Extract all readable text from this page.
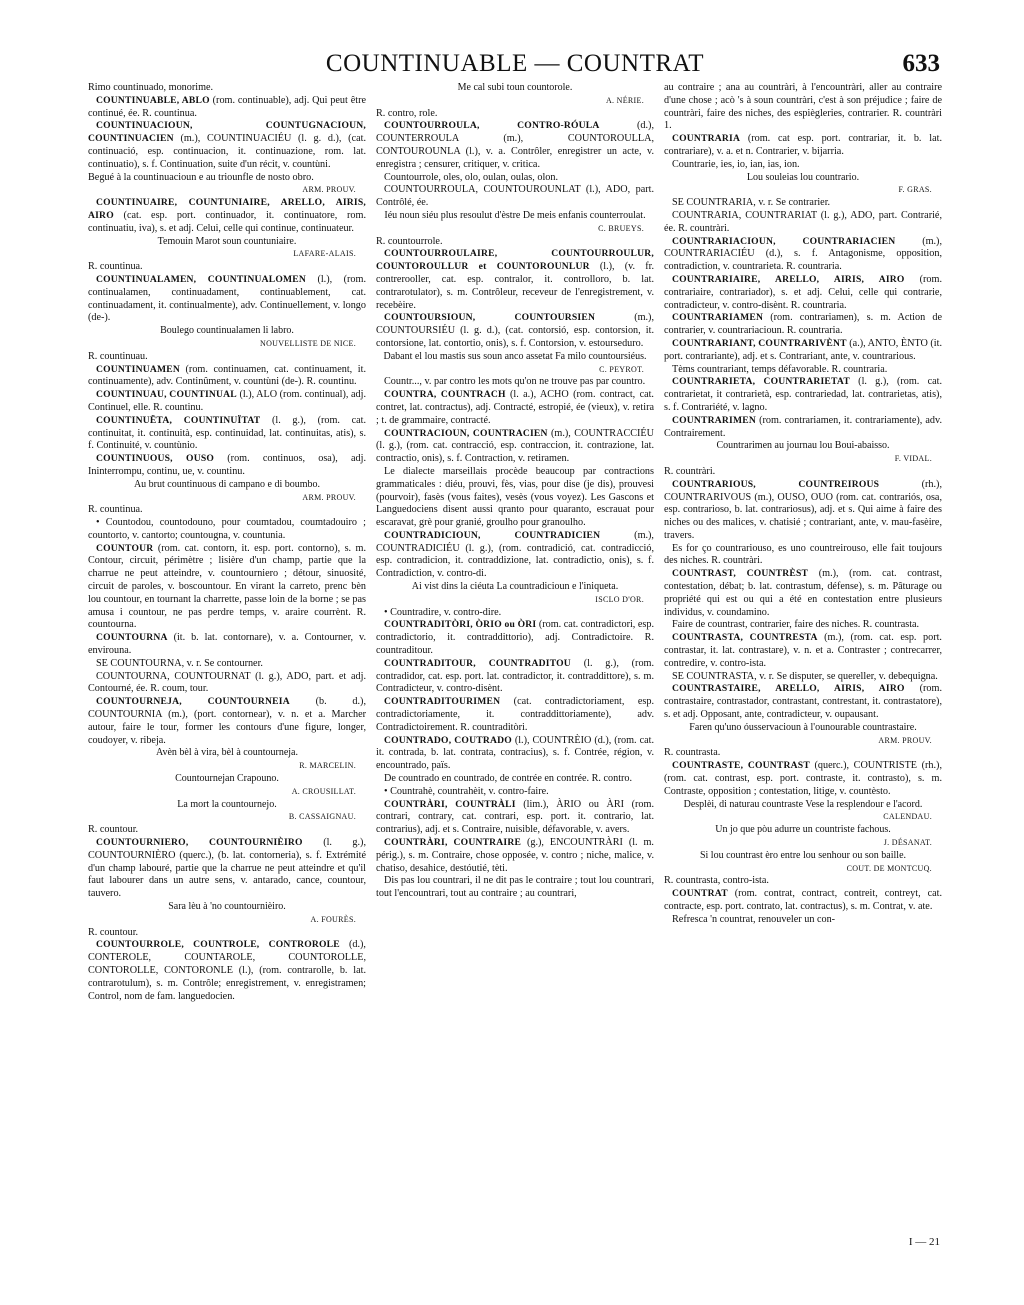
COUNTINUABLE — COUNTRAT	633

Rimo countinuado, monorime.

COUNTINUABLE, ABLO (rom. continuable), adj. Qui peut être continué, ée. R. countinua.

COUNTINUACIOUN, COUNTUGNACIOUN, COUNTINUACIEN (m.), COUNTINUACIÉU (l. g. d.), (cat. continuació, esp. continuacion, it. continuazione, rom. lat. continuatio), s. f. Continuation, suite d'un récit, v. countùni.

Begué à la countinuacioun e au triounfle de nosto obro.

ARM. PROUV.

COUNTINUAIRE, COUNTUNIAIRE, ARELLO, AIRIS, AIRO (cat. esp. port. continuador, it. continuatore, rom. continuatiu, iva), s. et adj. Celui, celle qui continue, continuateur.

Temouin Marot soun countuniaire.

LAFARE-ALAIS.

R. countinua.

COUNTINUALAMEN, COUNTINUALOMEN (l.), (rom. continualamen, continuadament, continuablement, cat. continuadament, it. continualmente), adv. Continuellement, v. longo (de-).

Boulego countinualamen li labro.

NOUVELLISTE DE NICE.

R. countinuau.

COUNTINUAMEN (rom. continuamen, cat. continuament, it. continuamente), adv. Continûment, v. countùni (de-). R. countinu.

COUNTINUAU, COUNTINUAL (l.), ALO (rom. continual), adj. Continuel, elle. R. countinu.

COUNTINUËTA, COUNTINUÏTAT (l. g.), (rom. cat. continuitat, it. continuità, esp. continuidad, lat. continuitas, atis), s. f. Continuité, v. countùnio.

COUNTINUOUS, OUSO (rom. continuos, osa), adj. Ininterrompu, continu, ue, v. countinu.

Au brut countinuous di campano e di boumbo.

ARM. PROUV.

R. countinua.

• Countodou, countodouno, pour coumtadou, coumtadouiro ; countorto, v. cantorto; countougna, v. countunia.

COUNTOUR (rom. cat. contorn, it. esp. port. contorno), s. m. Contour, circuit, périmètre ; lisière d'un champ, partie que la charrue ne peut atteindre, v. countourniero ; détour, sinuosité, circuit de paroles, v. boscountour. En virant la carreto, prenc bèn lou countour, en tournant la charrette, passe loin de la borne ; se pas amusa i countour, ne pas perdre temps, v. araire courrènt. R. countourna.

COUNTOURNA (it. b. lat. contornare), v. a. Contourner, v. envirouna.

SE COUNTOURNA, v. r. Se contourner.

COUNTOURNA, COUNTOURNAT (l. g.), ADO, part. et adj. Contourné, ée. R. coum, tour.

COUNTOURNEJA, COUNTOURNEIA (b. d.), COUNTOURNIA (m.), (port. contornear), v. n. et a. Marcher autour, faire le tour, former les contours d'une figure, longer, coudoyer, v. ribeja.

Avèn bèl à vira, bèl à countourneja.

R. MARCELIN.

Countournejan Crapouno.

A. CROUSILLAT.

La mort la countournejo.

B. CASSAIGNAU.

R. countour.

COUNTOURNIERO, COUNTOURNIÈIRO (l. g.), COUNTOURNIÈRO (querc.), (b. lat. contorneria), s. f. Extrémité d'un champ labouré, partie que la charrue ne peut atteindre et qu'il faut labourer dans un autre sens, v. antarado, cance, countour, tauvero.

Sara lèu à 'no countournièiro.

A. FOURÈS.

R. countour.

COUNTOURROLE, COUNTROLE, CONTROROLE (d.), CONTEROLE, COUNTAROLE, COUNTOROLLE, CONTOROLLE, CONTORONLE (l.), (rom. contrarolle, b. lat. contrarotulum), s. m. Contrôle; enregistrement, v. enregistramen; Control, nom de fam. languedocien.

Me cal subi toun countorole.

A. NÉRIE.

R. contro, role.

COUNTOURROULA, CONTRO-RÓULA (d.), COUNTERROULA (m.), COUNTOROULLA, CONTOUROUNLA (l.), v. a. Contrôler, enregistrer un acte, v. enregistra ; censurer, critiquer, v. critica.

Countourrole, oles, olo, oulan, oulas, olon.

COUNTOURROULA, COUNTOUROUNLAT (l.), ADO, part. Contrôlé, ée.

Iéu noun siéu plus resoulut d'èstre De meis enfanis counterroulat.

C. BRUEYS.

R. countourrole.

COUNTOURROULAIRE, COUNTOURROULUR, COUNTOROULLUR et COUNTOROUNLUR (l.), (v. fr. contrerooller, cat. esp. contralor, it. controlloro, b. lat. contrarotulator), s. m. Contrôleur, receveur de l'enregistrement, v. recebèire.

COUNTOURSIOUN, COUNTOURSIEN (m.), COUNTOURSIÉU (l. g. d.), (cat. contorsió, esp. contorsion, it. contorsione, lat. contortio, onis), s. f. Contorsion, v. estourseduro.

Dabant el lou mastis sus soun anco assetat Fa milo countoursiéus.

C. PEYROT.

Countr..., v. par contro les mots qu'on ne trouve pas par countro.

COUNTRA, COUNTRACH (l. a.), ACHO (rom. contract, cat. contret, lat. contractus), adj. Contracté, estropié, ée (vieux), v. retira ; t. de grammaire, contracté.

COUNTRACIOUN, COUNTRACIEN (m.), COUNTRACCIÉU (l. g.), (rom. cat. contracció, esp. contraccion, it. contrazione, lat. contractio, onis), s. f. Contraction, v. retiramen.

Le dialecte marseillais procède beaucoup par contractions grammaticales : diéu, prouvi, fès, vias, pour dise (je dis), prouvesi (pourvoir), fasès (vous faites), vesès (vous voyez). Les Gascons et Languedociens disent aussi qranto pour quaranto, escrauat pour escaravat, grè pour granié, groulho pour granoulho.

COUNTRADICIOUN, COUNTRADICIEN (m.), COUNTRADICIÉU (l. g.), (rom. contradició, cat. contradicció, esp. contradicion, it. contraddizione, lat. contradictio, onis), s. f. Contradiction, v. contro-di.

Ai vist dins la ciéuta La countradicioun e l'iniqueta.

ISCLO D'OR.

• Countradire, v. contro-dire.

COUNTRADITÒRI, ÒRIO ou ÒRI (rom. cat. contradictori, esp. contradictorio, it. contraddittorio), adj. Contradictoire. R. countraditour.

COUNTRADITOUR, COUNTRADITOU (l. g.), (rom. contradidor, cat. esp. port. lat. contradictor, it. contraddittore), s. m. Contradicteur, v. contro-disènt.

COUNTRADITOURIMEN (cat. contradictoriament, esp. contradictoriamente, it. contraddittoriamente), adv. Contradictoirement. R. countraditòri.

COUNTRADO, COUTRADO (l.), COUNTRÈIO (d.), (rom. cat. it. contrada, b. lat. contrata, contracius), s. f. Contrée, région, v. encountrado, païs.

De countrado en countrado, de contrée en contrée. R. contro.

• Countrahè, countrahèit, v. contro-faire.

COUNTRÀRI, COUNTRÀLI (lim.), ÀRIO ou ÀRI (rom. contrari, contrary, cat. contrari, esp. port. it. contrario, lat. contrarius), adj. et s. Contraire, nuisible, défavorable, v. avers.

COUNTRÀRI, COUNTRAIRE (g.), ENCOUNTRÀRI (l. m. périg.), s. m. Contraire, chose opposée, v. contro ; niche, malice, v. chatiso, desahice, destóutié, tèti.

Dis pas lou countrari, il ne dit pas le contraire ; tout lou countrari, tout l'encountrari, tout au contraire ; au countrari,

au contraire ; ana au countràri, à l'encountràri, aller au contraire d'une chose ; acò 's à soun countràri, c'est à son préjudice ; faire de countràri, faire des niches, des espiègleries, contrarier. R. countràri 1.

COUNTRARIA (rom. cat esp. port. contrariar, it. b. lat. contrariare), v. a. et n. Contrarier, v. bijarria.

Countrarie, ies, io, ian, ias, ion.

Lou souleias lou countrario.

F. GRAS.

SE COUNTRARIA, v. r. Se contrarier.

COUNTRARIA, COUNTRARIAT (l. g.), ADO, part. Contrarié, ée. R. countràri.

COUNTRARIACIOUN, COUNTRARIACIEN (m.), COUNTRARIACIÉU (d.), s. f. Antagonisme, opposition, contradiction, v. countrarieta. R. countraria.

COUNTRARIAIRE, ARELLO, AIRIS, AIRO (rom. contrariaire, contrariador), s. et adj. Celui, celle qui contrarie, contradicteur, v. contro-disènt. R. countraria.

COUNTRARIAMEN (rom. contrariamen), s. m. Action de contrarier, v. countrariacioun. R. countraria.

COUNTRARIANT, COUNTRARIVÈNT (a.), ANTO, ÈNTO (it. port. contrariante), adj. et s. Contrariant, ante, v. countrarious.

Tèms countrariant, temps défavorable. R. countraria.

COUNTRARIETA, COUNTRARIETAT (l. g.), (rom. cat. contrarietat, it contrarietà, esp. contrariedad, lat. contrarietas, atis), s. f. Contrariété, v. lagno.

COUNTRARIMEN (rom. contrariamen, it. contrariamente), adv. Contrairement.

Countrarimen au journau lou Boui-abaisso.

F. VIDAL.

R. countràri.

COUNTRARIOUS, COUNTREIROUS (rh.), COUNTRARIVOUS (m.), OUSO, OUO (rom. cat. contrariós, osa, esp. contrarioso, b. lat. contrariosus), adj. et s. Qui aime à faire des niches ou des malices, v. chatisié ; contrariant, ante, v. mau-fasèire, travers.

Es for ço countrariouso, es uno countreirouso, elle fait toujours des niches. R. countràri.

COUNTRAST, COUNTRÈST (m.), (rom. cat. contrast, contestation, débat; b. lat. contrastum, défense), s. m. Pâturage ou propriété qui est ou qui a été en contestation entre plusieurs individus, v. coundamino.

Faire de countrast, contrarier, faire des niches. R. countrasta.

COUNTRASTA, COUNTRESTA (m.), (rom. cat. esp. port. contrastar, it. lat. contrastare), v. n. et a. Contraster ; contrecarrer, contredire, v. contro-ista.

SE COUNTRASTA, v. r. Se disputer, se quereller, v. debequigna.

COUNTRASTAIRE, ARELLO, AIRIS, AIRO (rom. contrastaire, contrastador, contrastant, contrestant, it. contrastatore), s. et adj. Opposant, ante, contradicteur, v. oupausant.

Faren qu'uno óusservacioun à l'ounourable countrastaire.

ARM. PROUV.

R. countrasta.

COUNTRASTE, COUNTRAST (querc.), COUNTRISTE (rh.), (rom. cat. contrast, esp. port. contraste, it. contrasto), s. m. Contraste, opposition ; contestation, litige, v. countèsto.

Desplèi, di naturau countraste Vese la resplendour e l'acord.

CALENDAU.

Un jo que pòu adurre un countriste fachous.

J. DÉSANAT.

Si lou countrast èro entre lou senhour ou son baille.

COUT. DE MONTCUQ.

R. countrasta, contro-ista.

COUNTRAT (rom. contrat, contract, contreit, contreyt, cat. contracte, esp. port. contrato, lat. contractus), s. m. Contrat, v. ate.

Refresca 'n countrat, renouveler un con-

I — 21
